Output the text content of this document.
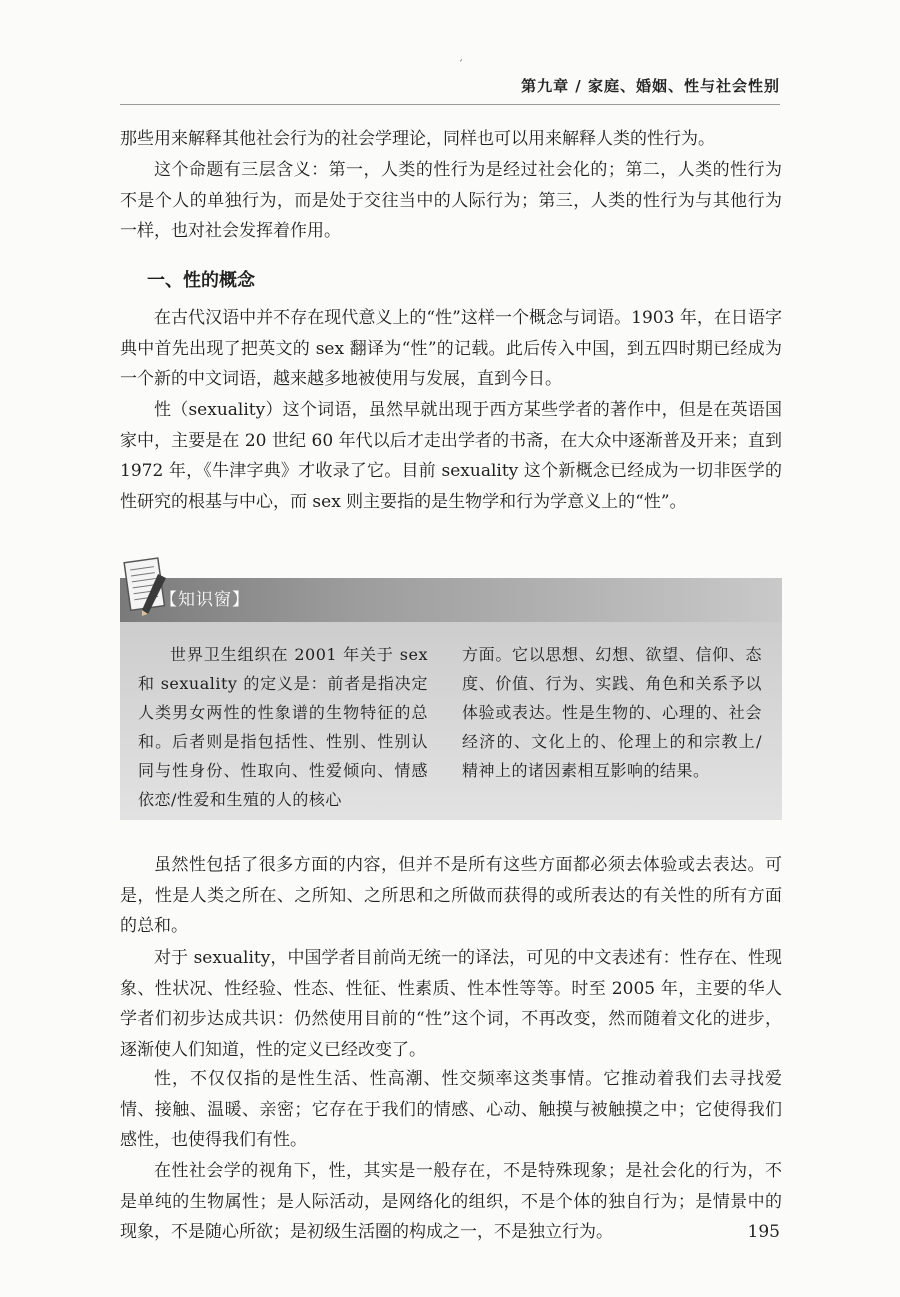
ˊ
第九章 / 家庭、婚姻、性与社会性别

那些用来解释其他社会行为的社会学理论，同样也可以用来解释人类的性行为。

这个命题有三层含义：第一，人类的性行为是经过社会化的；第二，人类的性行为不是个人的单独行为，而是处于交往当中的人际行为；第三，人类的性行为与其他行为一样，也对社会发挥着作用。

一、性的概念

在古代汉语中并不存在现代意义上的“性”这样一个概念与词语。1903 年，在日语字典中首先出现了把英文的 sex 翻译为“性”的记载。此后传入中国，到五四时期已经成为一个新的中文词语，越来越多地被使用与发展，直到今日。

性（sexuality）这个词语，虽然早就出现于西方某些学者的著作中，但是在英语国家中，主要是在 20 世纪 60 年代以后才走出学者的书斋，在大众中逐渐普及开来；直到 1972 年，《牛津字典》才收录了它。目前 sexuality 这个新概念已经成为一切非医学的性研究的根基与中心，而 sex 则主要指的是生物学和行为学意义上的“性”。

【知识窗】

世界卫生组织在 2001 年关于 sex 和 sexuality 的定义是：前者是指决定人类男女两性的性象谱的生物特征的总和。后者则是指包括性、性别、性别认同与性身份、性取向、性爱倾向、情感依恋/性爱和生殖的人的核心

方面。它以思想、幻想、欲望、信仰、态度、价值、行为、实践、角色和关系予以体验或表达。性是生物的、心理的、社会经济的、文化上的、伦理上的和宗教上/精神上的诸因素相互影响的结果。

虽然性包括了很多方面的内容，但并不是所有这些方面都必须去体验或去表达。可是，性是人类之所在、之所知、之所思和之所做而获得的或所表达的有关性的所有方面的总和。

对于 sexuality，中国学者目前尚无统一的译法，可见的中文表述有：性存在、性现象、性状况、性经验、性态、性征、性素质、性本性等等。时至 2005 年，主要的华人学者们初步达成共识：仍然使用目前的“性”这个词，不再改变，然而随着文化的进步，逐渐使人们知道，性的定义已经改变了。

性，不仅仅指的是性生活、性高潮、性交频率这类事情。它推动着我们去寻找爱情、接触、温暖、亲密；它存在于我们的情感、心动、触摸与被触摸之中；它使得我们感性，也使得我们有性。

在性社会学的视角下，性，其实是一般存在，不是特殊现象；是社会化的行为，不是单纯的生物属性；是人际活动，是网络化的组织，不是个体的独自行为；是情景中的现象，不是随心所欲；是初级生活圈的构成之一，不是独立行为。	195
